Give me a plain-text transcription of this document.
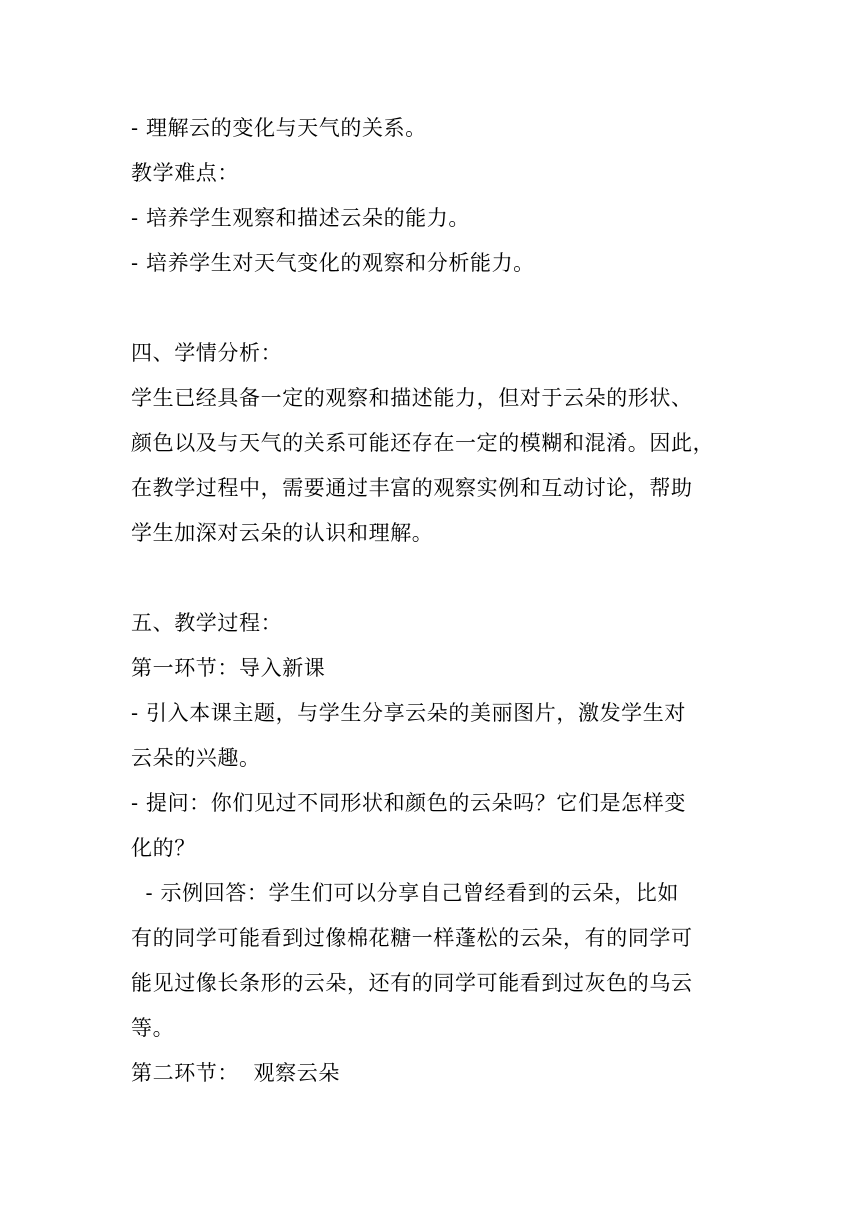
- 理解云的变化与天气的关系。
教学难点：
- 培养学生观察和描述云朵的能力。
- 培养学生对天气变化的观察和分析能力。
四、学情分析：
学生已经具备一定的观察和描述能力，但对于云朵的形状、
颜色以及与天气的关系可能还存在一定的模糊和混淆。因此，
在教学过程中，需要通过丰富的观察实例和互动讨论，帮助
学生加深对云朵的认识和理解。
五、教学过程：
第一环节：导入新课
- 引入本课主题，与学生分享云朵的美丽图片，激发学生对
云朵的兴趣。
- 提问：你们见过不同形状和颜色的云朵吗？它们是怎样变
化的？
- 示例回答：学生们可以分享自己曾经看到的云朵，比如
有的同学可能看到过像棉花糖一样蓬松的云朵，有的同学可
能见过像长条形的云朵，还有的同学可能看到过灰色的乌云
等。
第二环节：  观察云朵
